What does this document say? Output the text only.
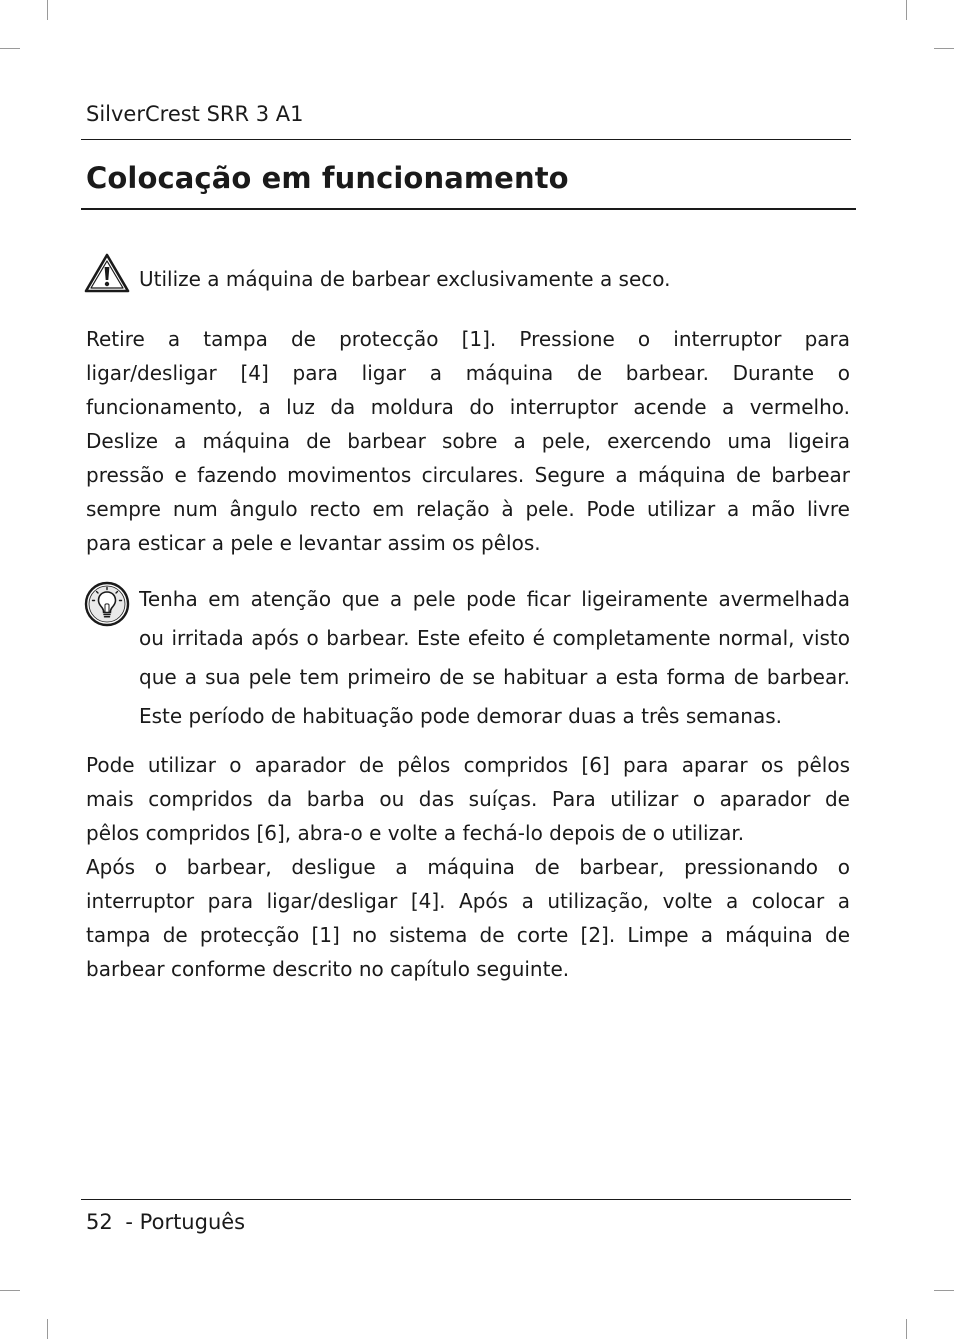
SilverCrest SRR 3 A1
Colocação em funcionamento
Utilize a máquina de barbear exclusivamente a seco.
Retire a tampa de protecção [1]. Pressione o interruptor para
ligar/desligar [4] para ligar a máquina de barbear. Durante o
funcionamento, a luz da moldura do interruptor acende a vermelho.
Deslize a máquina de barbear sobre a pele, exercendo uma ligeira
pressão e fazendo movimentos circulares. Segure a máquina de barbear
sempre num ângulo recto em relação à pele. Pode utilizar a mão livre
para esticar a pele e levantar assim os pêlos.
Tenha em atenção que a pele pode ficar ligeiramente avermelhada
ou irritada após o barbear. Este efeito é completamente normal, visto
que a sua pele tem primeiro de se habituar a esta forma de barbear.
Este período de habituação pode demorar duas a três semanas.
Pode utilizar o aparador de pêlos compridos [6] para aparar os pêlos
mais compridos da barba ou das suíças. Para utilizar o aparador de
pêlos compridos [6], abra-o e volte a fechá-lo depois de o utilizar.
Após o barbear, desligue a máquina de barbear, pressionando o
interruptor para ligar/desligar [4]. Após a utilização, volte a colocar a
tampa de protecção [1] no sistema de corte [2]. Limpe a máquina de
barbear conforme descrito no capítulo seguinte.
52 - Português
